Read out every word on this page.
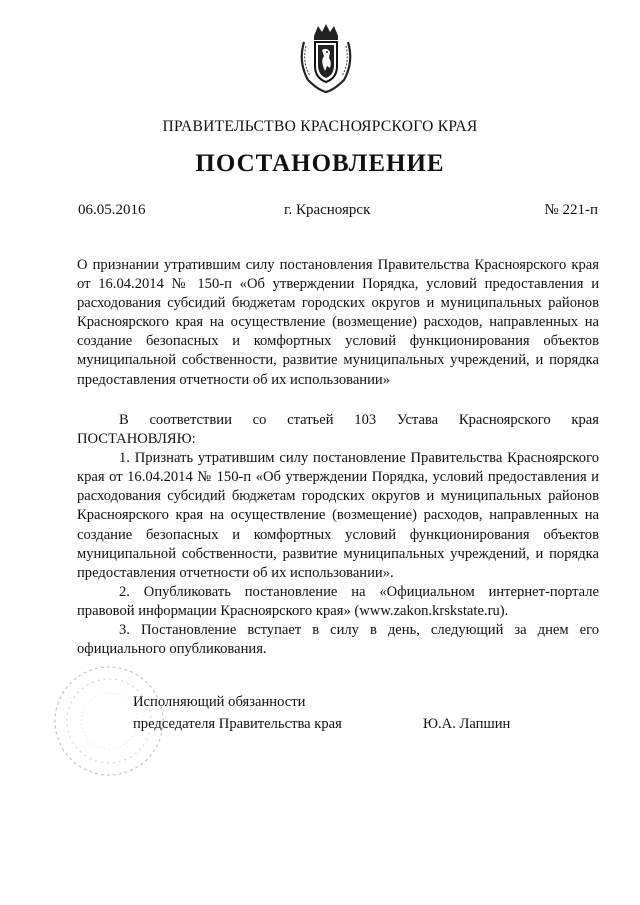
ПРАВИТЕЛЬСТВО КРАСНОЯРСКОГО КРАЯ
ПОСТАНОВЛЕНИЕ
06.05.2016	г. Красноярск	№ 221-п
О признании утратившим силу постановления Правительства Красноярского края от 16.04.2014 № 150-п «Об утверждении Порядка, условий предоставления и расходования субсидий бюджетам городских округов и муниципальных районов Красноярского края на осуществление (возмещение) расходов, направленных на создание безопасных и комфортных условий функционирования объектов муниципальной собственности, развитие муниципальных учреждений, и порядка предоставления отчетности об их использовании»

В соответствии со статьей 103 Устава Красноярского края

ПОСТАНОВЛЯЮ:

1. Признать утратившим силу постановление Правительства Красноярского края от 16.04.2014 № 150-п «Об утверждении Порядка, условий предоставления и расходования субсидий бюджетам городских округов и муниципальных районов Красноярского края на осуществление (возмещение) расходов, направленных на создание безопасных и комфортных условий функционирования объектов муниципальной собственности, развитие муниципальных учреждений, и порядка предоставления отчетности об их использовании».

2. Опубликовать постановление на «Официальном интернет-портале правовой информации Красноярского края» (www.zakon.krskstate.ru).

3. Постановление вступает в силу в день, следующий за днем его официального опубликования.

Исполняющий обязанности
председателя Правительства края	Ю.А. Лапшин
